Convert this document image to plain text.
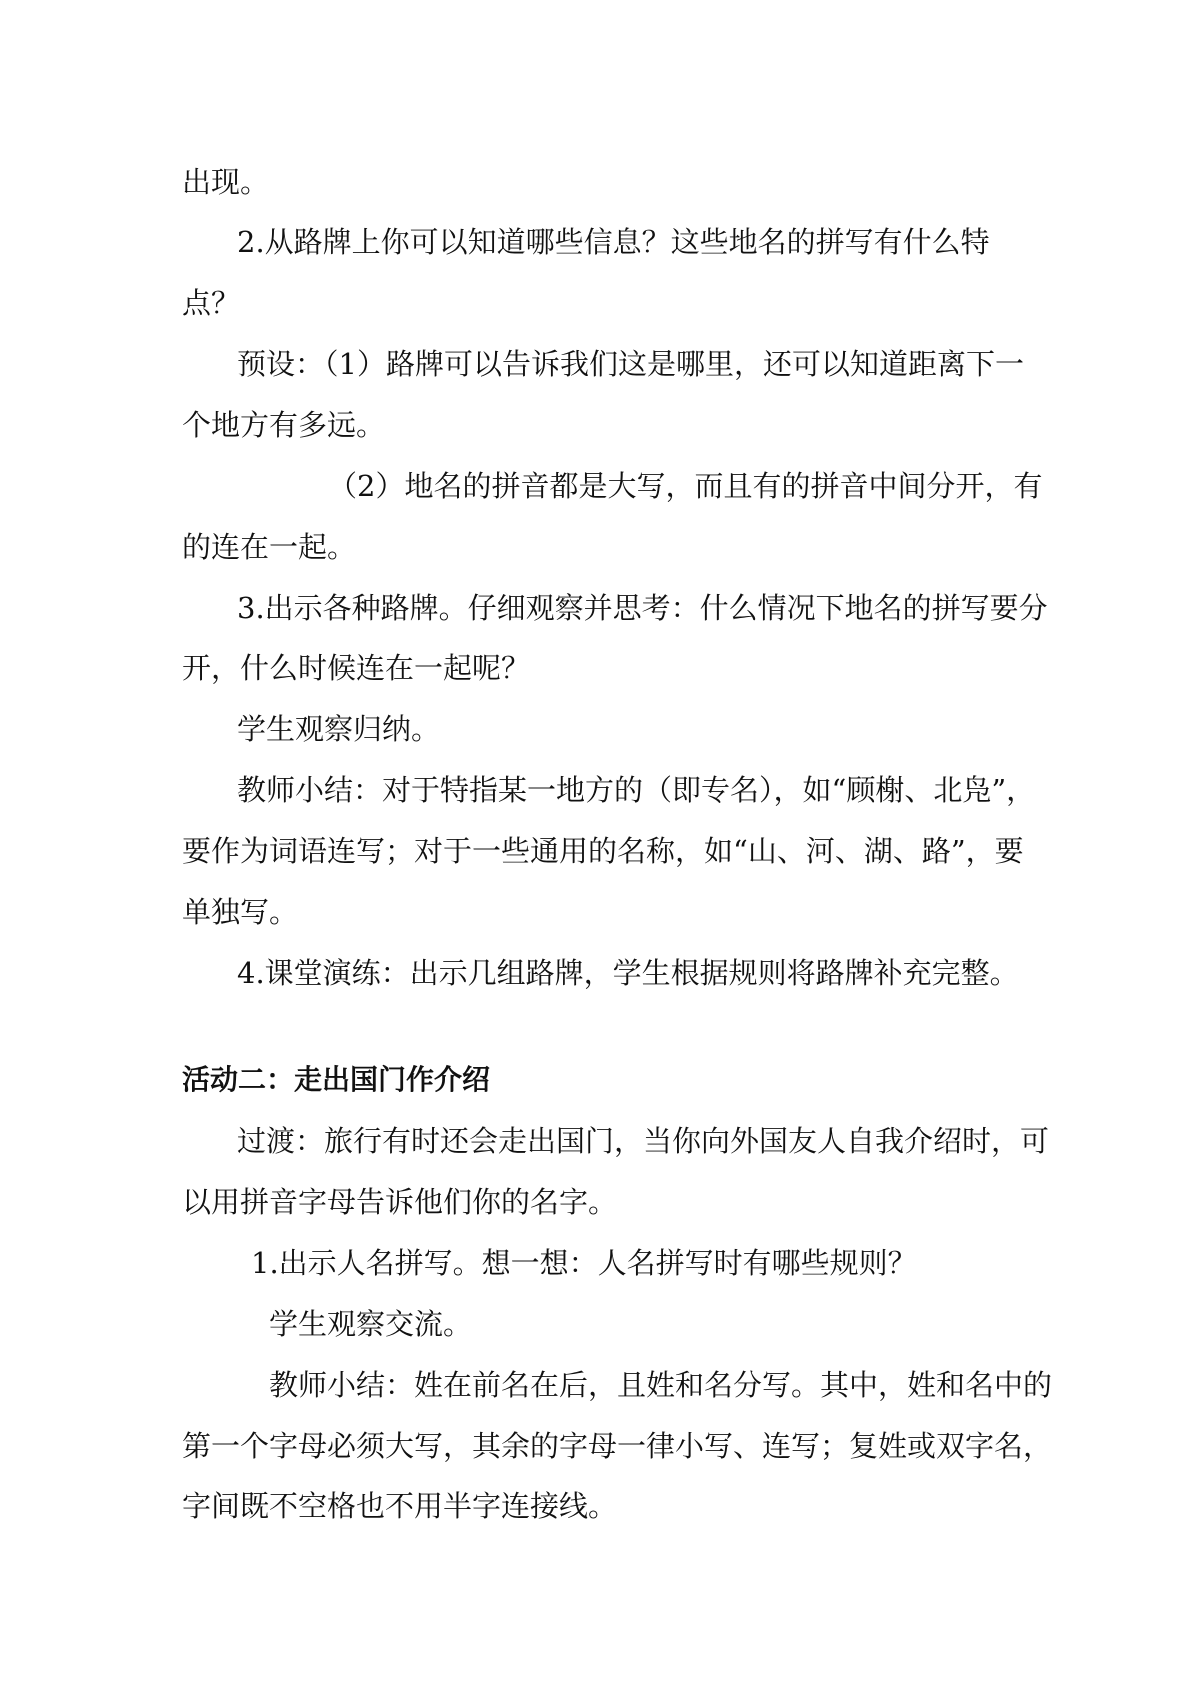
出现。
2.从路牌上你可以知道哪些信息？这些地名的拼写有什么特
点？
预设：（1）路牌可以告诉我们这是哪里，还可以知道距离下一
个地方有多远。
（2）地名的拼音都是大写，而且有的拼音中间分开，有
的连在一起。
3.出示各种路牌。仔细观察并思考：什么情况下地名的拼写要分
开，什么时候连在一起呢？
学生观察归纳。
教师小结：对于特指某一地方的（即专名），如“顾榭、北凫”，
要作为词语连写；对于一些通用的名称，如“山、河、湖、路”，要
单独写。
4.课堂演练：出示几组路牌，学生根据规则将路牌补充完整。
活动二：走出国门作介绍
过渡：旅行有时还会走出国门，当你向外国友人自我介绍时，可
以用拼音字母告诉他们你的名字。
1.出示人名拼写。想一想：人名拼写时有哪些规则？
学生观察交流。
教师小结：姓在前名在后，且姓和名分写。其中，姓和名中的
第一个字母必须大写，其余的字母一律小写、连写；复姓或双字名，
字间既不空格也不用半字连接线。
